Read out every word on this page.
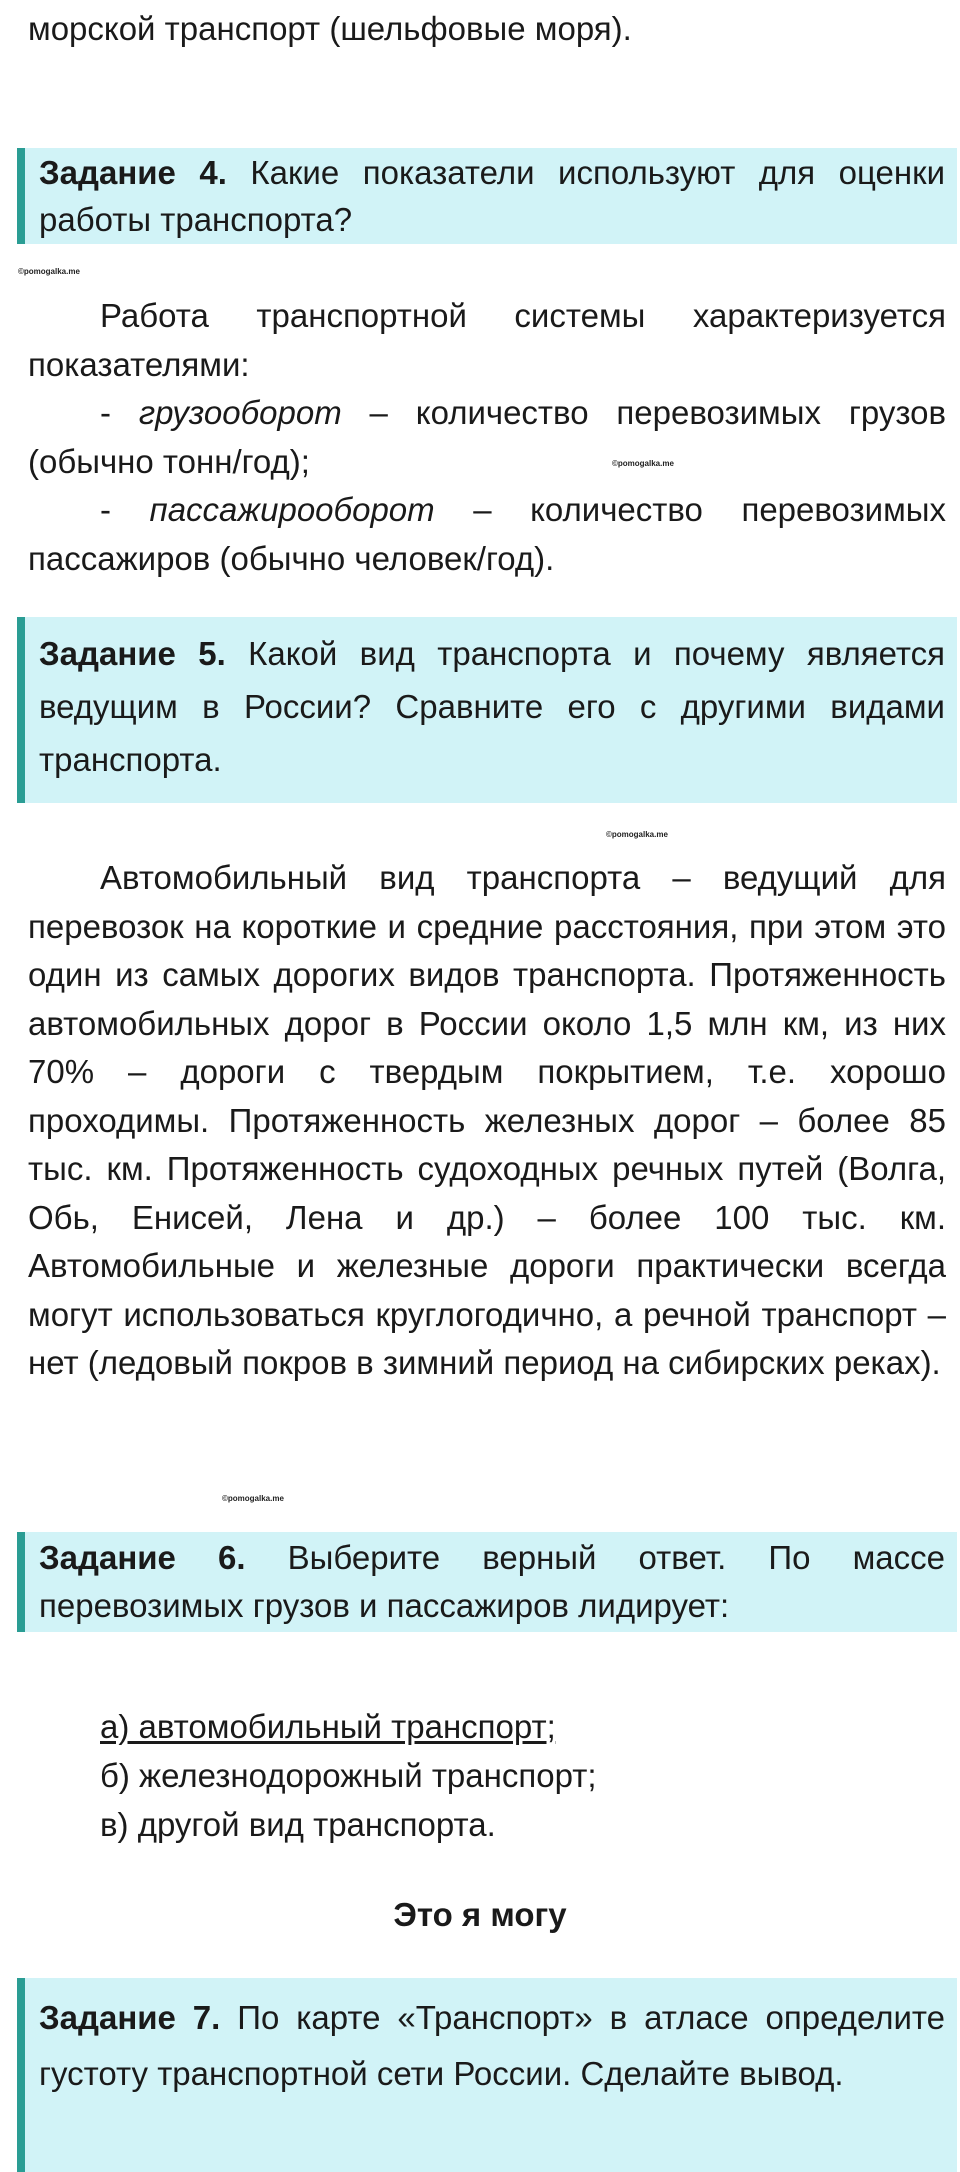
морской транспорт (шельфовые моря).
Задание 4. Какие показатели используют для оценки работы транспорта?
©pomogalka.me

Работа транспортной системы характеризуется показателями:

- грузооборот – количество перевозимых грузов (обычно тонн/год);

- пассажирооборот – количество перевозимых пассажиров (обычно человек/год).

©pomogalka.me
Задание 5. Какой вид транспорта и почему является ведущим в России? Сравните его с другими видами транспорта.
©pomogalka.me

Автомобильный вид транспорта – ведущий для перевозок на короткие и средние расстояния, при этом это один из самых дорогих видов транспорта. Протяженность автомобильных дорог в России около 1,5 млн км, из них 70% – дороги с твердым покрытием, т.е. хорошо проходимы. Протяженность железных дорог – более 85 тыс. км. Протяженность судоходных речных путей (Волга, Обь, Енисей, Лена и др.) – более 100 тыс. км. Автомобильные и железные дороги практически всегда могут использоваться круглогодично, а речной транспорт – нет (ледовый покров в зимний период на сибирских реках).

©pomogalka.me
Задание 6. Выберите верный ответ. По массе перевозимых грузов и пассажиров лидирует:
а) автомобильный транспорт;
б) железнодорожный транспорт;
в) другой вид транспорта.
Это я могу
Задание 7. По карте «Транспорт» в атласе определите густоту транспортной сети России. Сделайте вывод.
